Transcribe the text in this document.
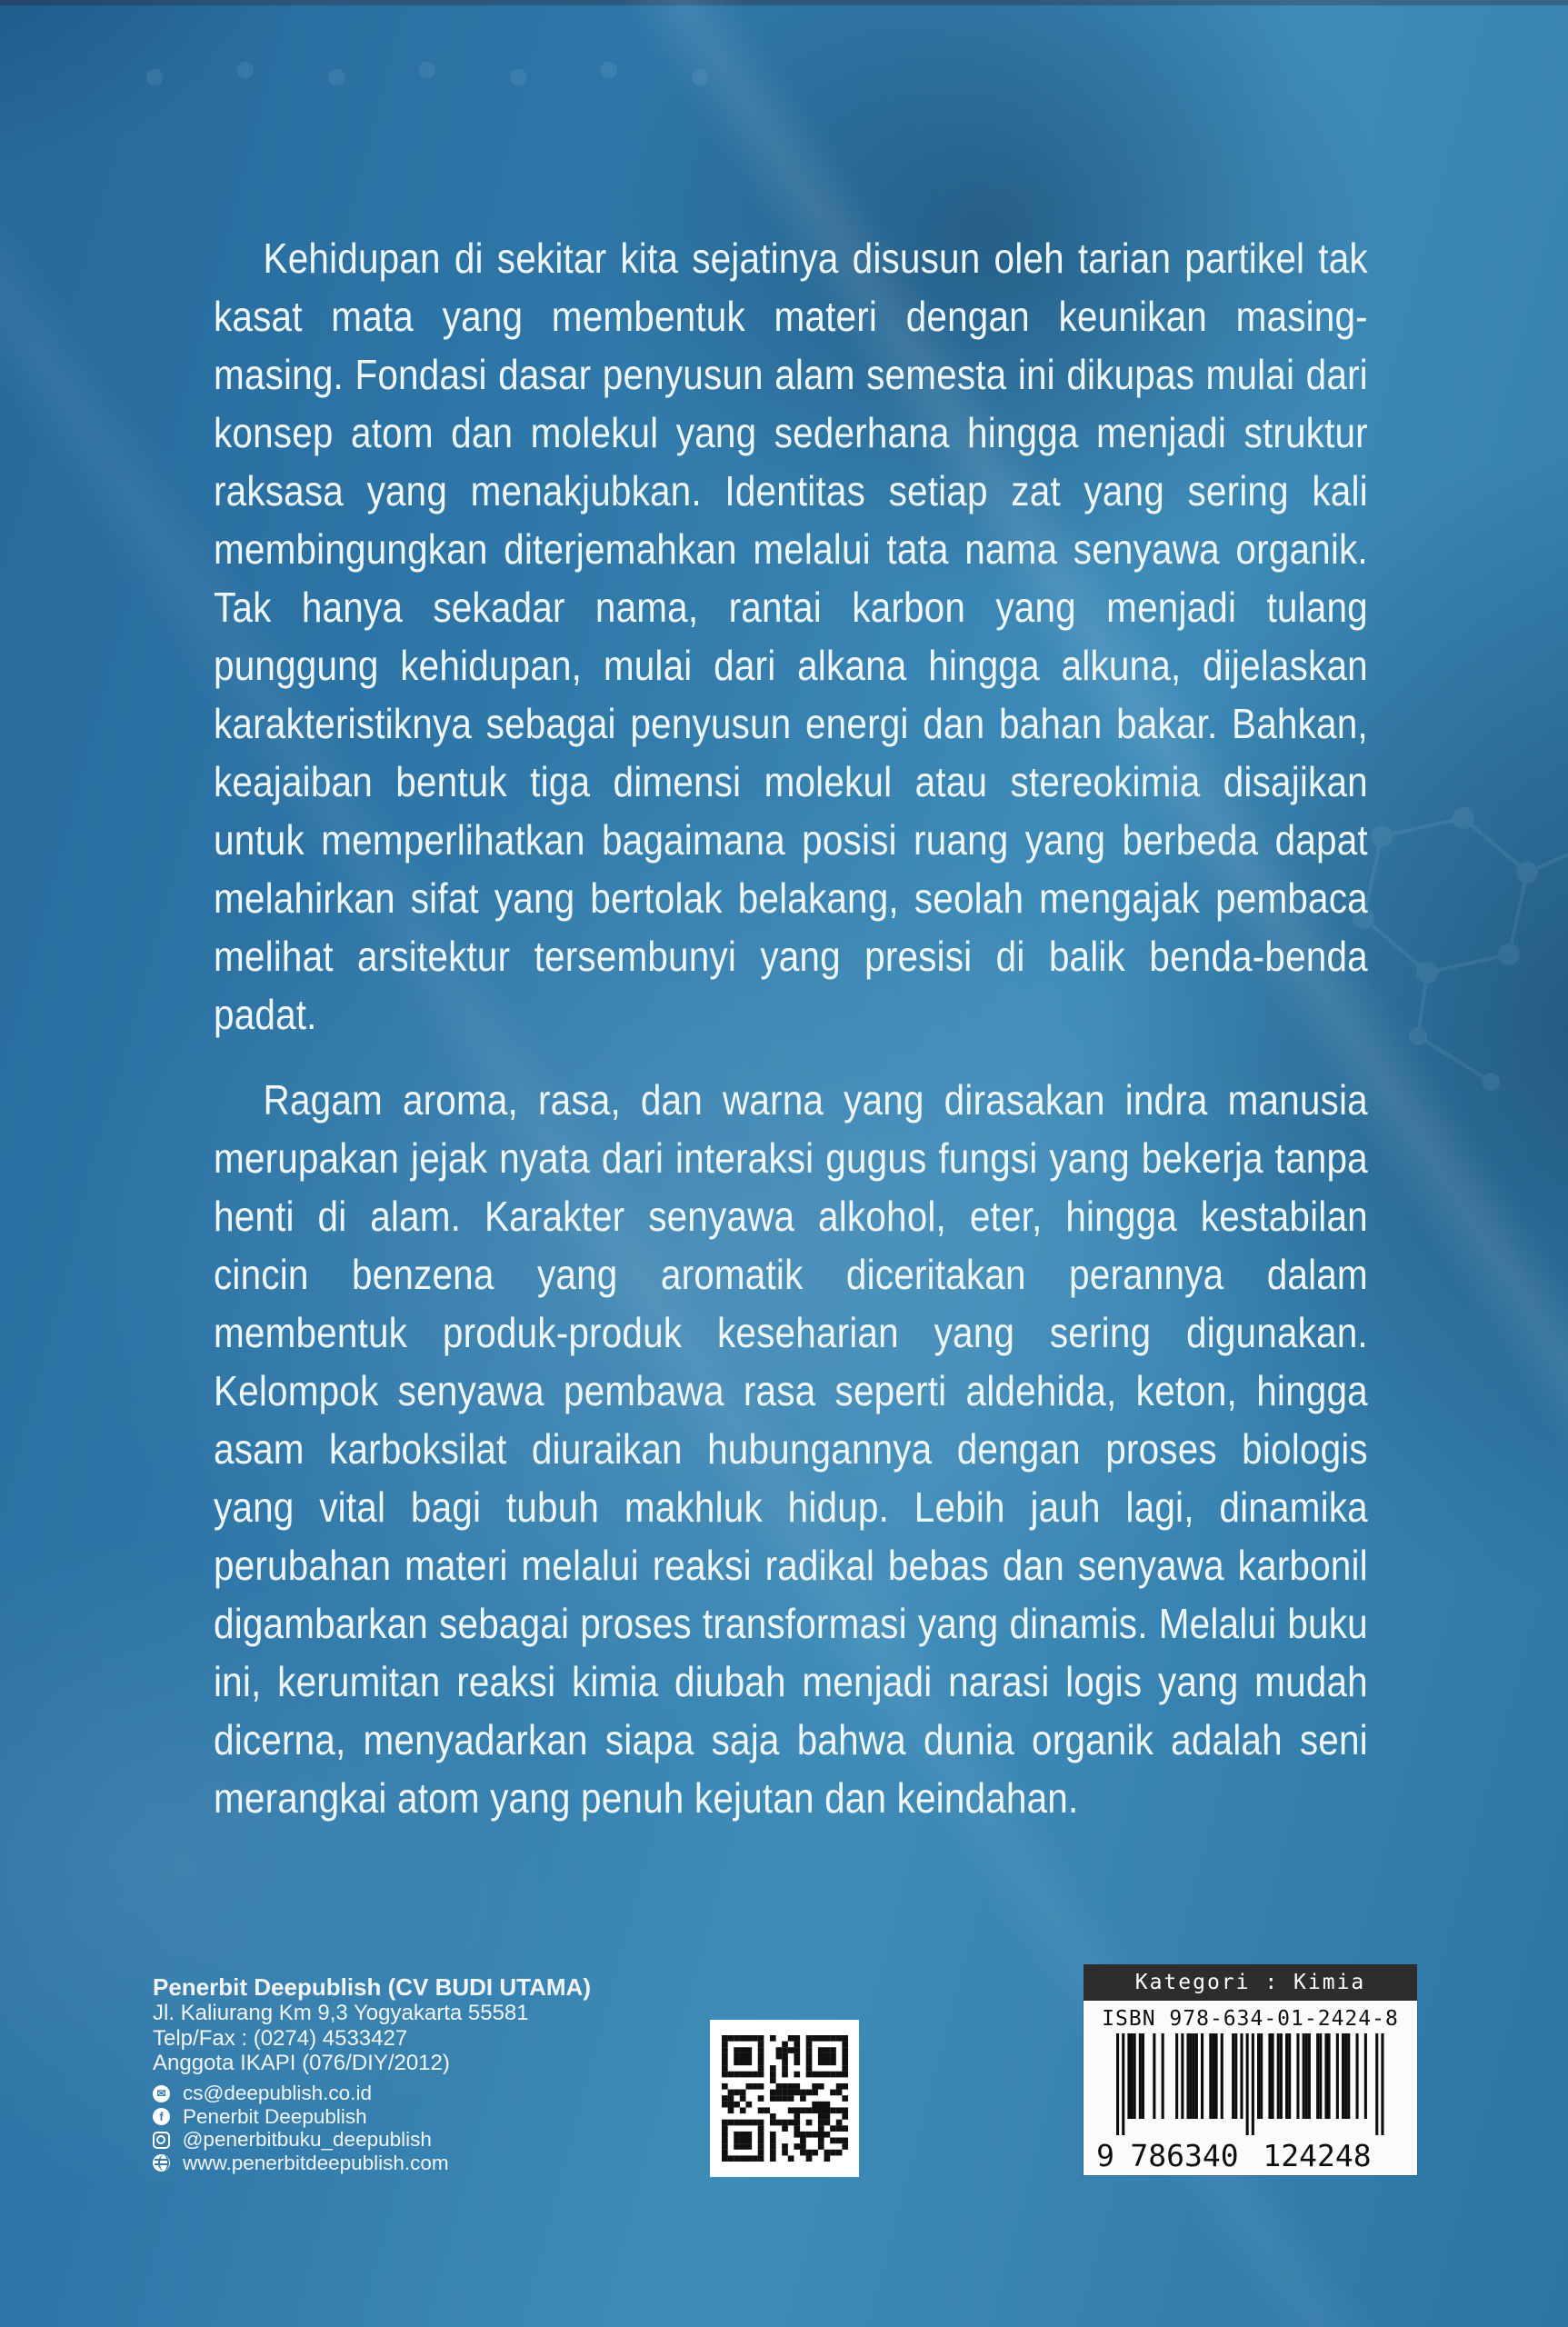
Kehidupan di sekitar kita sejatinya disusun oleh tarian partikel tak kasat mata yang membentuk materi dengan keunikan masing-masing. Fondasi dasar penyusun alam semesta ini dikupas mulai dari konsep atom dan molekul yang sederhana hingga menjadi struktur raksasa yang menakjubkan. Identitas setiap zat yang sering kali membingungkan diterjemahkan melalui tata nama senyawa organik. Tak hanya sekadar nama, rantai karbon yang menjadi tulang punggung kehidupan, mulai dari alkana hingga alkuna, dijelaskan karakteristiknya sebagai penyusun energi dan bahan bakar. Bahkan, keajaiban bentuk tiga dimensi molekul atau stereokimia disajikan untuk memperlihatkan bagaimana posisi ruang yang berbeda dapat melahirkan sifat yang bertolak belakang, seolah mengajak pembaca melihat arsitektur tersembunyi yang presisi di balik benda-benda padat.

Ragam aroma, rasa, dan warna yang dirasakan indra manusia merupakan jejak nyata dari interaksi gugus fungsi yang bekerja tanpa henti di alam. Karakter senyawa alkohol, eter, hingga kestabilan cincin benzena yang aromatik diceritakan perannya dalam membentuk produk-produk keseharian yang sering digunakan. Kelompok senyawa pembawa rasa seperti aldehida, keton, hingga asam karboksilat diuraikan hubungannya dengan proses biologis yang vital bagi tubuh makhluk hidup. Lebih jauh lagi, dinamika perubahan materi melalui reaksi radikal bebas dan senyawa karbonil digambarkan sebagai proses transformasi yang dinamis. Melalui buku ini, kerumitan reaksi kimia diubah menjadi narasi logis yang mudah dicerna, menyadarkan siapa saja bahwa dunia organik adalah seni merangkai atom yang penuh kejutan dan keindahan.

Penerbit Deepublish (CV BUDI UTAMA)
Jl. Kaliurang Km 9,3 Yogyakarta 55581
Telp/Fax : (0274) 4533427
Anggota IKAPI (076/DIY/2012)
✉ cs@deepublish.co.id
f Penerbit Deepublish
@penerbitbuku_deepublish
www.penerbitdeepublish.com
Kategori : Kimia
ISBN 978-634-01-2424-8
9 786340 124248
